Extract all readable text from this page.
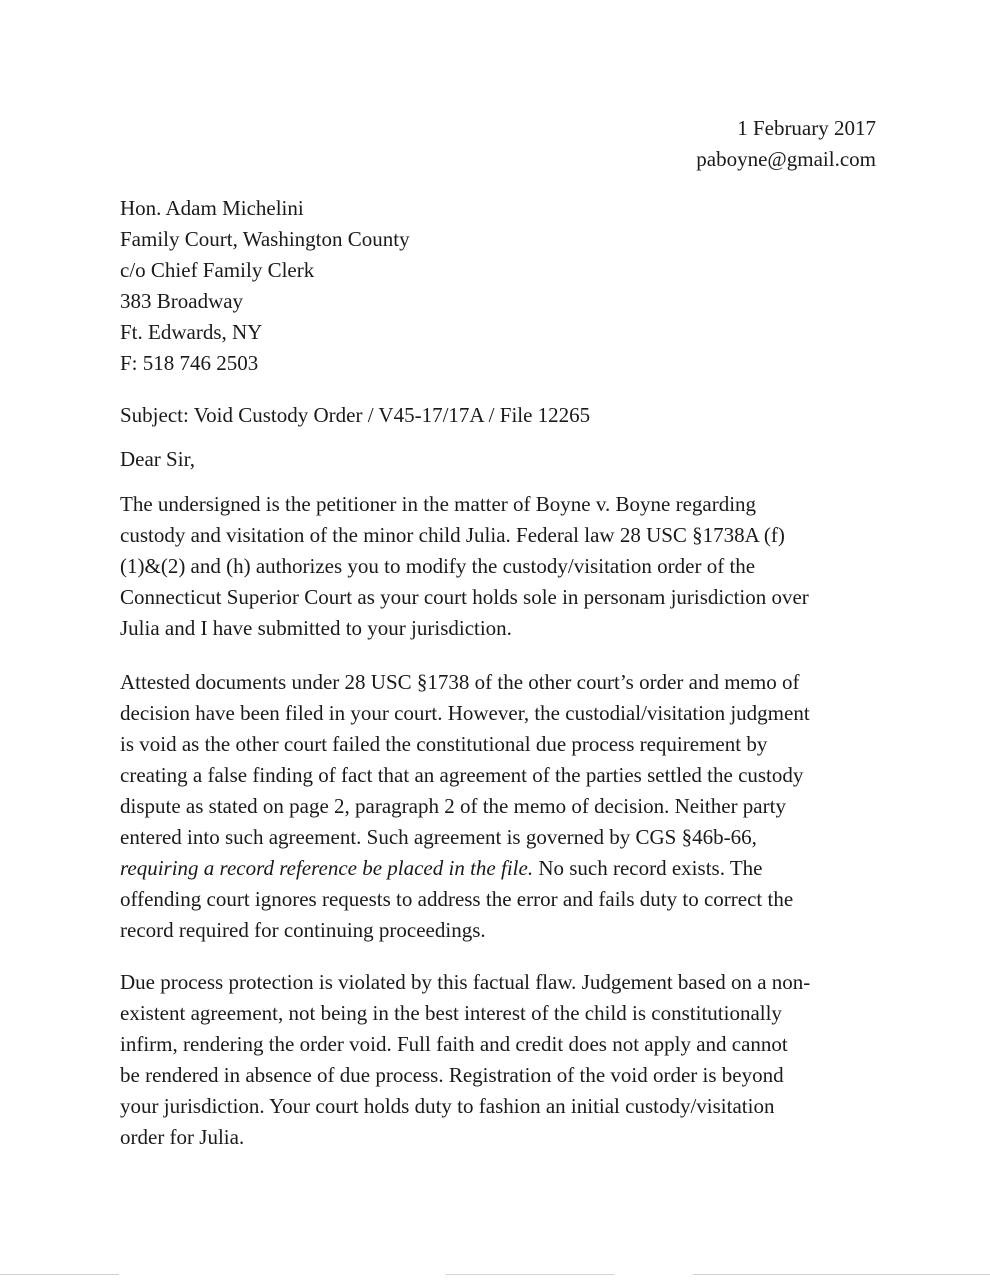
1 February 2017
paboyne@gmail.com
Hon. Adam Michelini
Family Court, Washington County
c/o Chief Family Clerk
383 Broadway
Ft. Edwards, NY
F: 518 746 2503
Subject: Void Custody Order / V45-17/17A / File 12265
Dear Sir,
The undersigned is the petitioner in the matter of Boyne v. Boyne regarding
custody and visitation of the minor child Julia. Federal law 28 USC §1738A (f)
(1)&(2) and (h) authorizes you to modify the custody/visitation order of the
Connecticut Superior Court as your court holds sole in personam jurisdiction over
Julia and I have submitted to your jurisdiction.
Attested documents under 28 USC §1738 of the other court’s order and memo of
decision have been filed in your court. However, the custodial/visitation judgment
is void as the other court failed the constitutional due process requirement by
creating a false finding of fact that an agreement of the parties settled the custody
dispute as stated on page 2, paragraph 2 of the memo of decision. Neither party
entered into such agreement. Such agreement is governed by CGS §46b-66,
requiring a record reference be placed in the file. No such record exists. The
offending court ignores requests to address the error and fails duty to correct the
record required for continuing proceedings.
Due process protection is violated by this factual flaw. Judgement based on a non-
existent agreement, not being in the best interest of the child is constitutionally
infirm, rendering the order void. Full faith and credit does not apply and cannot
be rendered in absence of due process. Registration of the void order is beyond
your jurisdiction. Your court holds duty to fashion an initial custody/visitation
order for Julia.
